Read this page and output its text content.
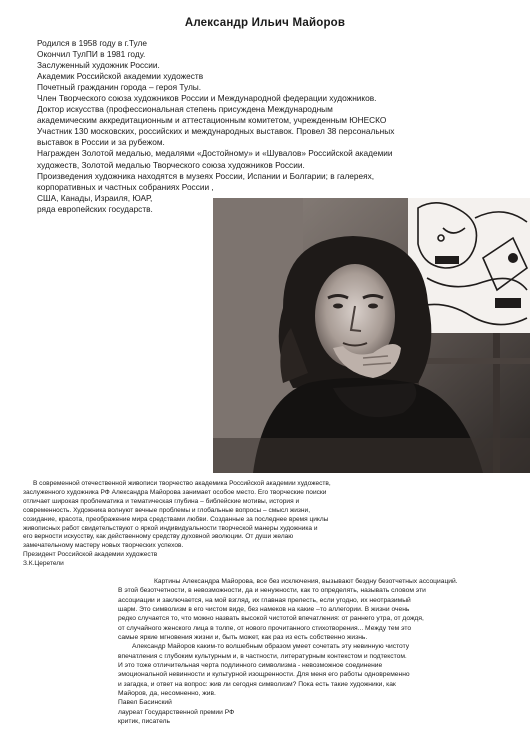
Александр Ильич Майоров
Родился в 1958 году в г.Туле
Окончил ТулПИ в 1981 году.
Заслуженный художник России.
Академик Российской академии художеств
Почетный гражданин города – героя Тулы.
Член Творческого союза художников России и Международной федерации художников.
Доктор искусства (профессиональная степень присуждена Международным
академическим аккредитационным и аттестационным комитетом, учрежденным ЮНЕСКО
Участник 130 московских, российских и международных выставок. Провел 38 персональных
выставок в России и за рубежом.
Награжден Золотой медалью, медалями «Достойному» и «Шувалов» Российской академии
художеств, Золотой медалью Творческого союза художников России.
Произведения художника находятся в музеях России, Испании и Болгарии; в галереях,
корпоративных и частных собраниях России ,
США, Канады, Израиля, ЮАР,
ряда европейских государств.
В современной отечественной живописи творчество академика Российской академии художеств,
заслуженного художника РФ Александра Майорова занимает особое место. Его творческие поиски
отличает широкая проблематика и тематическая глубина – библейские мотивы, история и
современность. Художника волнуют вечные проблемы и глобальные вопросы – смысл жизни,
созидание, красота, преображение мира средствами любви. Созданные за последнее время циклы
живописных работ свидетельствуют о яркой индивидуальности творческой манеры художника и
его верности искусству, как действенному средству духовной эволюции. От души желаю
замечательному мастеру новых творческих успехов.
Президент Российской академии художеств
З.К.Церетели
Картины Александра Майорова, все без исключения, вызывают бездну безотчетных ассоциаций.
В этой безотчетности, в невозможности, да и ненужности, как то определять, называть словом эти
ассоциации и заключается, на мой взгляд, их главная прелесть, если угодно, их неотразимый
шарм. Это символизм в его чистом виде, без намеков на какие –то аллегории. В жизни очень
редко случается то, что можно назвать высокой чистотой впечатления: от раннего утра, от дождя,
от случайного женского лица в толпе, от нового прочитанного стихотворения... Между тем это
самые яркие мгновения жизни и, быть может, как раз из есть собственно жизнь.
Александр Майоров каким-то волшебным образом умеет сочетать эту невинную чистоту
впечатления с глубоким культурным и, в частности, литературным контекстом и подтекстом.
И это тоже отличительная черта подлинного символизма - невозможное соединение
эмоциональной невинности и культурной изощренности. Для меня его работы одновременно
и загадка, и ответ на вопрос: жив ли сегодня символизм? Пока есть такие художники, как
Майоров, да, несомненно, жив.
Павел Басинский
лауреат Государственной премии РФ
критик, писатель
